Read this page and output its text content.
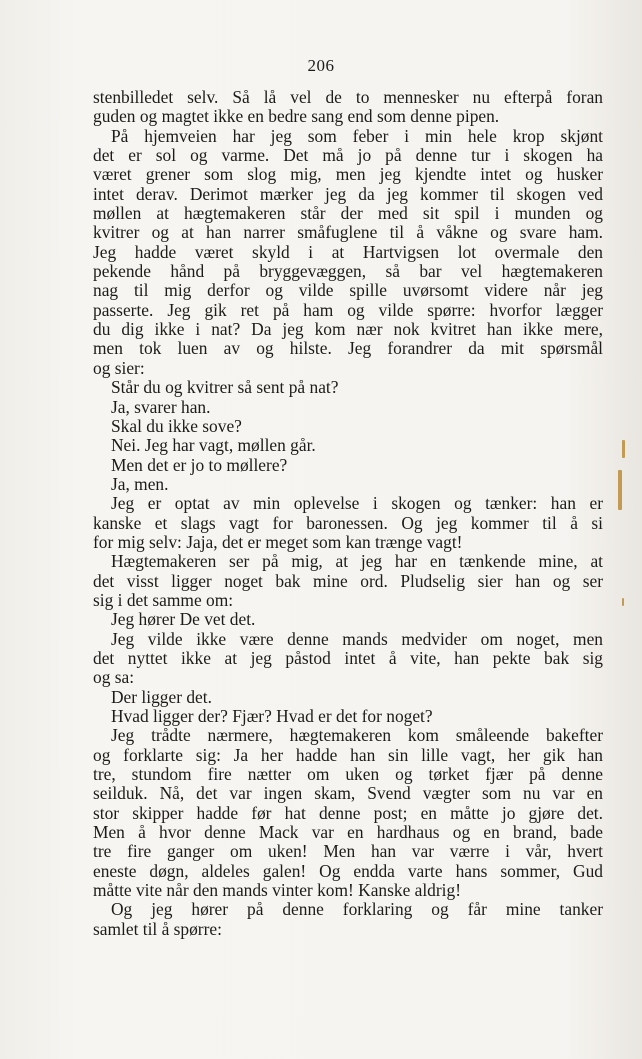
206
stenbilledet selv. Så lå vel de to mennesker nu efterpå foran
guden og magtet ikke en bedre sang end som denne pipen.
På hjemveien har jeg som feber i min hele krop skjønt
det er sol og varme. Det må jo på denne tur i skogen ha
været grener som slog mig, men jeg kjendte intet og husker
intet derav. Derimot mærker jeg da jeg kommer til skogen ved
møllen at hægtemakeren står der med sit spil i munden og
kvitrer og at han narrer småfuglene til å våkne og svare ham.
Jeg hadde været skyld i at Hartvigsen lot overmale den
pekende hånd på bryggevæggen, så bar vel hægtemakeren
nag til mig derfor og vilde spille uvørsomt videre når jeg
passerte. Jeg gik ret på ham og vilde spørre: hvorfor lægger
du dig ikke i nat? Da jeg kom nær nok kvitret han ikke mere,
men tok luen av og hilste. Jeg forandrer da mit spørsmål
og sier:
Står du og kvitrer så sent på nat?
Ja, svarer han.
Skal du ikke sove?
Nei. Jeg har vagt, møllen går.
Men det er jo to møllere?
Ja, men.
Jeg er optat av min oplevelse i skogen og tænker: han er
kanske et slags vagt for baronessen. Og jeg kommer til å si
for mig selv: Jaja, det er meget som kan trænge vagt!
Hægtemakeren ser på mig, at jeg har en tænkende mine, at
det visst ligger noget bak mine ord. Pludselig sier han og ser
sig i det samme om:
Jeg hører De vet det.
Jeg vilde ikke være denne mands medvider om noget, men
det nyttet ikke at jeg påstod intet å vite, han pekte bak sig
og sa:
Der ligger det.
Hvad ligger der? Fjær? Hvad er det for noget?
Jeg trådte nærmere, hægtemakeren kom småleende bakefter
og forklarte sig: Ja her hadde han sin lille vagt, her gik han
tre, stundom fire nætter om uken og tørket fjær på denne
seilduk. Nå, det var ingen skam, Svend vægter som nu var en
stor skipper hadde før hat denne post; en måtte jo gjøre det.
Men å hvor denne Mack var en hardhaus og en brand, bade
tre fire ganger om uken! Men han var værre i vår, hvert
eneste døgn, aldeles galen! Og endda varte hans sommer, Gud
måtte vite når den mands vinter kom! Kanske aldrig!
Og jeg hører på denne forklaring og får mine tanker
samlet til å spørre:
